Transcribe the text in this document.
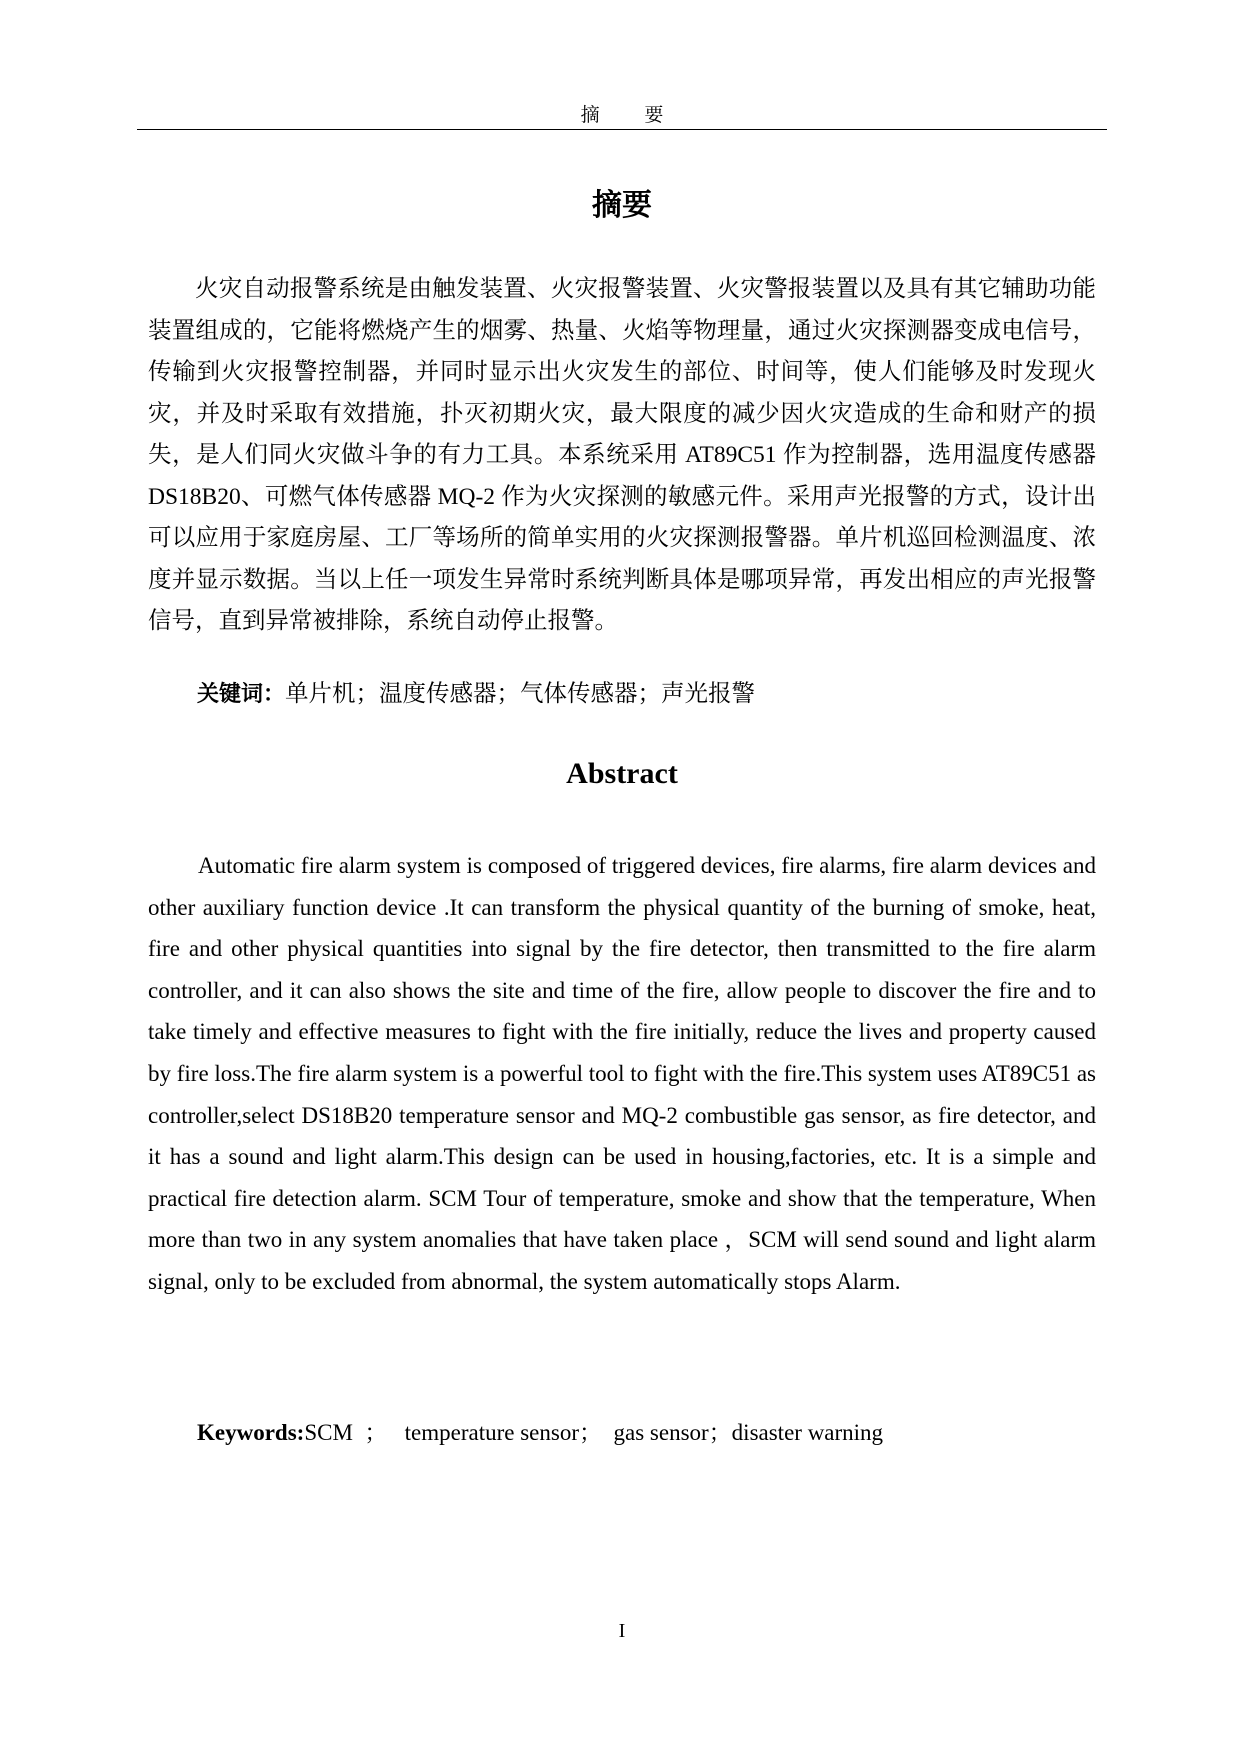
摘 要
摘要

火灾自动报警系统是由触发装置、火灾报警装置、火灾警报装置以及具有其它辅助功能装置组成的，它能将燃烧产生的烟雾、热量、火焰等物理量，通过火灾探测器变成电信号，传输到火灾报警控制器，并同时显示出火灾发生的部位、时间等，使人们能够及时发现火灾，并及时采取有效措施，扑灭初期火灾，最大限度的减少因火灾造成的生命和财产的损失，是人们同火灾做斗争的有力工具。本系统采用 AT89C51 作为控制器，选用温度传感器 DS18B20、可燃气体传感器 MQ-2 作为火灾探测的敏感元件。采用声光报警的方式，设计出可以应用于家庭房屋、工厂等场所的简单实用的火灾探测报警器。单片机巡回检测温度、浓度并显示数据。当以上任一项发生异常时系统判断具体是哪项异常，再发出相应的声光报警信号，直到异常被排除，系统自动停止报警。

关键词：单片机；温度传感器；气体传感器；声光报警

Abstract

Automatic fire alarm system is composed of triggered devices, fire alarms, fire alarm devices and other auxiliary function device .It can transform the physical quantity of the burning of smoke, heat, fire and other physical quantities into signal by the fire detector, then transmitted to the fire alarm controller, and it can also shows the site and time of the fire, allow people to discover the fire and to take timely and effective measures to fight with the fire initially, reduce the lives and property caused by fire loss.The fire alarm system is a powerful tool to fight with the fire.This system uses AT89C51 as controller,select DS18B20 temperature sensor and MQ-2 combustible gas sensor, as fire detector, and it has a sound and light alarm.This design can be used in housing,factories, etc. It is a simple and practical fire detection alarm. SCM Tour of temperature, smoke and show that the temperature, When more than two in any system anomalies that have taken place ，SCM will send sound and light alarm signal, only to be excluded from abnormal, the system automatically stops Alarm.

Keywords:SCM  ；   temperature sensor；  gas sensor；disaster warning

I
